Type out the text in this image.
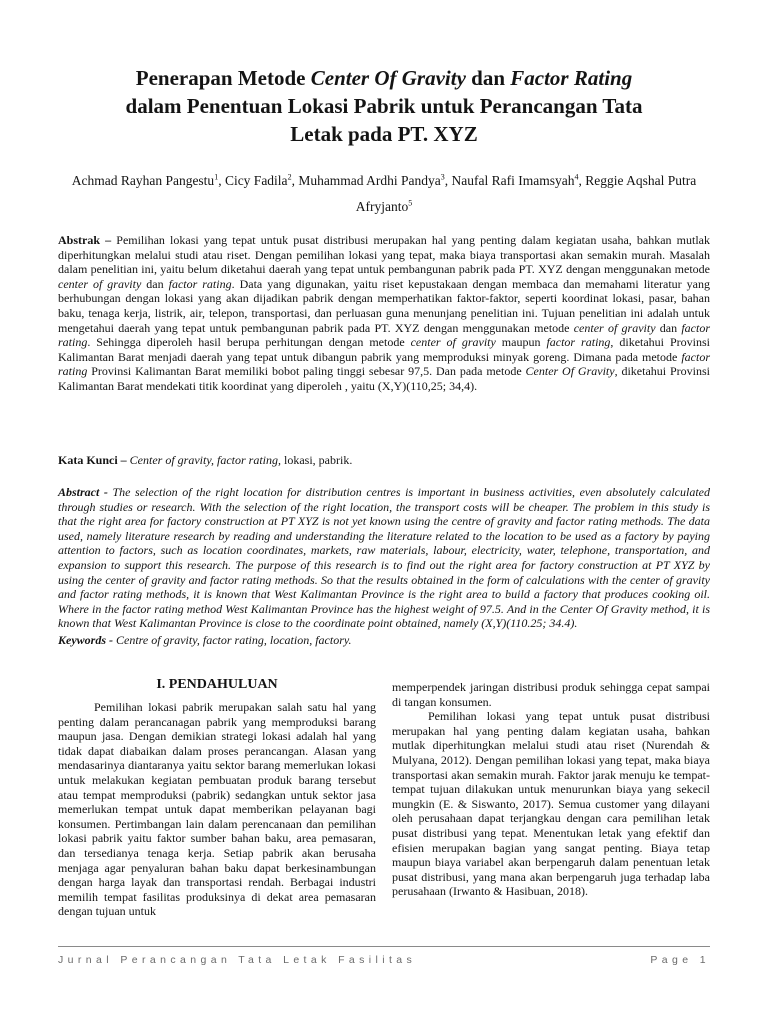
Penerapan Metode Center Of Gravity dan Factor Rating
dalam Penentuan Lokasi Pabrik untuk Perancangan Tata
Letak pada PT. XYZ
Achmad Rayhan Pangestu$^1$, Cicy Fadila$^2$, Muhammad Ardhi Pandya$^3$, Naufal Rafi Imamsyah$^4$, Reggie Aqshal Putra Afryjanto$^5$
Abstrak – Pemilihan lokasi yang tepat untuk pusat distribusi merupakan hal yang penting dalam kegiatan usaha, bahkan mutlak diperhitungkan melalui studi atau riset. Dengan pemilihan lokasi yang tepat, maka biaya transportasi akan semakin murah. Masalah dalam penelitian ini, yaitu belum diketahui daerah yang tepat untuk pembangunan pabrik pada PT. XYZ dengan menggunakan metode center of gravity dan factor rating. Data yang digunakan, yaitu riset kepustakaan dengan membaca dan memahami literatur yang berhubungan dengan lokasi yang akan dijadikan pabrik dengan memperhatikan faktor-faktor, seperti koordinat lokasi, pasar, bahan baku, tenaga kerja, listrik, air, telepon, transportasi, dan perluasan guna menunjang penelitian ini. Tujuan penelitian ini adalah untuk mengetahui daerah yang tepat untuk pembangunan pabrik pada PT. XYZ dengan menggunakan metode center of gravity dan factor rating. Sehingga diperoleh hasil berupa perhitungan dengan metode center of gravity maupun factor rating, diketahui Provinsi Kalimantan Barat menjadi daerah yang tepat untuk dibangun pabrik yang memproduksi minyak goreng. Dimana pada metode factor rating Provinsi Kalimantan Barat memiliki bobot paling tinggi sebesar 97,5. Dan pada metode Center Of Gravity, diketahui Provinsi Kalimantan Barat mendekati titik koordinat yang diperoleh , yaitu (X,Y)(110,25; 34,4).
Kata Kunci – Center of gravity, factor rating, lokasi, pabrik.
Abstract - The selection of the right location for distribution centres is important in business activities, even absolutely calculated through studies or research. With the selection of the right location, the transport costs will be cheaper. The problem in this study is that the right area for factory construction at PT XYZ is not yet known using the centre of gravity and factor rating methods. The data used, namely literature research by reading and understanding the literature related to the location to be used as a factory by paying attention to factors, such as location coordinates, markets, raw materials, labour, electricity, water, telephone, transportation, and expansion to support this research. The purpose of this research is to find out the right area for factory construction at PT XYZ by using the center of gravity and factor rating methods. So that the results obtained in the form of calculations with the center of gravity and factor rating methods, it is known that West Kalimantan Province is the right area to build a factory that produces cooking oil. Where in the factor rating method West Kalimantan Province has the highest weight of 97.5. And in the Center Of Gravity method, it is known that West Kalimantan Province is close to the coordinate point obtained, namely (X,Y)(110.25; 34.4).
Keywords - Centre of gravity, factor rating, location, factory.
I. PENDAHULUAN

Pemilihan lokasi pabrik merupakan salah satu hal yang penting dalam perancanagan pabrik yang memproduksi barang maupun jasa. Dengan demikian strategi lokasi adalah hal yang tidak dapat diabaikan dalam proses perancangan. Alasan yang mendasarinya diantaranya yaitu sektor barang memerlukan lokasi untuk melakukan kegiatan pembuatan produk barang tersebut atau tempat memproduksi (pabrik) sedangkan untuk sektor jasa memerlukan tempat untuk dapat memberikan pelayanan bagi konsumen. Pertimbangan lain dalam perencanaan dan pemilihan lokasi pabrik yaitu faktor sumber bahan baku, area pemasaran, dan tersedianya tenaga kerja. Setiap pabrik akan berusaha menjaga agar penyaluran bahan baku dapat berkesinambungan dengan harga layak dan transportasi rendah. Berbagai industri memilih tempat fasilitas produksinya di dekat area pemasaran dengan tujuan untuk

memperpendek jaringan distribusi produk sehingga cepat sampai di tangan konsumen.

Pemilihan lokasi yang tepat untuk pusat distribusi merupakan hal yang penting dalam kegiatan usaha, bahkan mutlak diperhitungkan melalui studi atau riset (Nurendah & Mulyana, 2012). Dengan pemilihan lokasi yang tepat, maka biaya transportasi akan semakin murah. Faktor jarak menuju ke tempat-tempat tujuan dilakukan untuk menurunkan biaya yang sekecil mungkin (E. & Siswanto, 2017). Semua customer yang dilayani oleh perusahaan dapat terjangkau dengan cara pemilihan letak pusat distribusi yang tepat. Menentukan letak yang efektif dan efisien merupakan bagian yang sangat penting. Biaya tetap maupun biaya variabel akan berpengaruh dalam penentuan letak pusat distribusi, yang mana akan berpengaruh juga terhadap laba perusahaan (Irwanto & Hasibuan, 2018).

Jurnal Perancangan Tata Letak Fasilitas	Page 1
